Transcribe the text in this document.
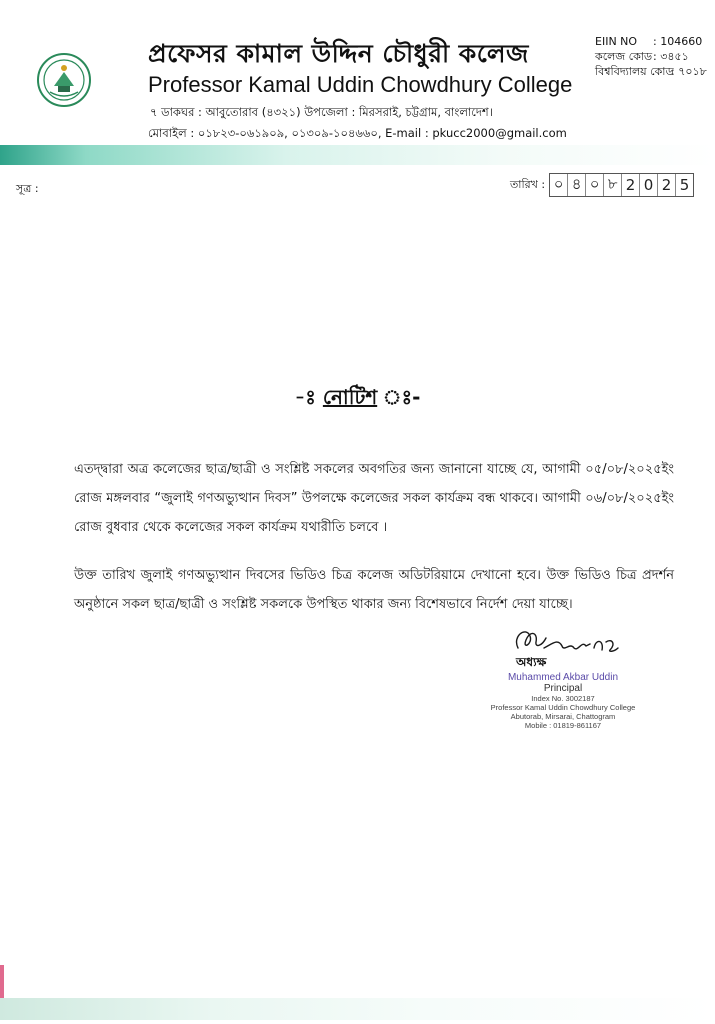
প্রফেসর কামাল উদ্দিন চৌধুরী কলেজ
Professor Kamal Uddin Chowdhury College
৭ ডাকঘর : আবুতোরাব (৪৩২১) উপজেলা : মিরসরাই, চট্টগ্রাম, বাংলাদেশ।
মোবাইল : ০১৮২৩-০৬১৯০৯, ০১৩০৯-১০৪৬৬০, E-mail : pkucc2000@gmail.com
EIIN NO	: 104660
কলেজ কোড : ৩৪৫১
বিশ্ববিদ্যালয় কোড
: ৭০১৮
সূত্র :	তারিখ : ০ ৪ ০ ৮ 2 0 2 5
-ঃ নোটিশ ঃ-
এতদ্দ্বারা অত্র কলেজের ছাত্র/ছাত্রী ও সংশ্লিষ্ট সকলের অবগতির জন্য জানানো যাচ্ছে যে, আগামী ০৫/০৮/২০২৫ইং রোজ মঙ্গলবার “জুলাই গণঅভ্যুত্থান দিবস” উপলক্ষে কলেজের সকল কার্যক্রম বন্ধ থাকবে। আগামী ০৬/০৮/২০২৫ইং রোজ বুধবার থেকে কলেজের সকল কার্যক্রম যথারীতি চলবে ।
উক্ত তারিখ জুলাই গণঅভ্যুত্থান দিবসের ভিডিও চিত্র কলেজ অডিটরিয়ামে দেখানো হবে। উক্ত ভিডিও চিত্র প্রদর্শন অনুষ্ঠানে সকল ছাত্র/ছাত্রী ও সংশ্লিষ্ট সকলকে উপস্থিত থাকার জন্য বিশেষভাবে নির্দেশ দেয়া যাচ্ছে।
অধ্যক্ষ
Muhammed Akbar Uddin
Principal
Index No. 3002187
Professor Kamal Uddin Chowdhury College
Abutorab, Mirsarai, Chattogram
Mobile : 01819-861167
